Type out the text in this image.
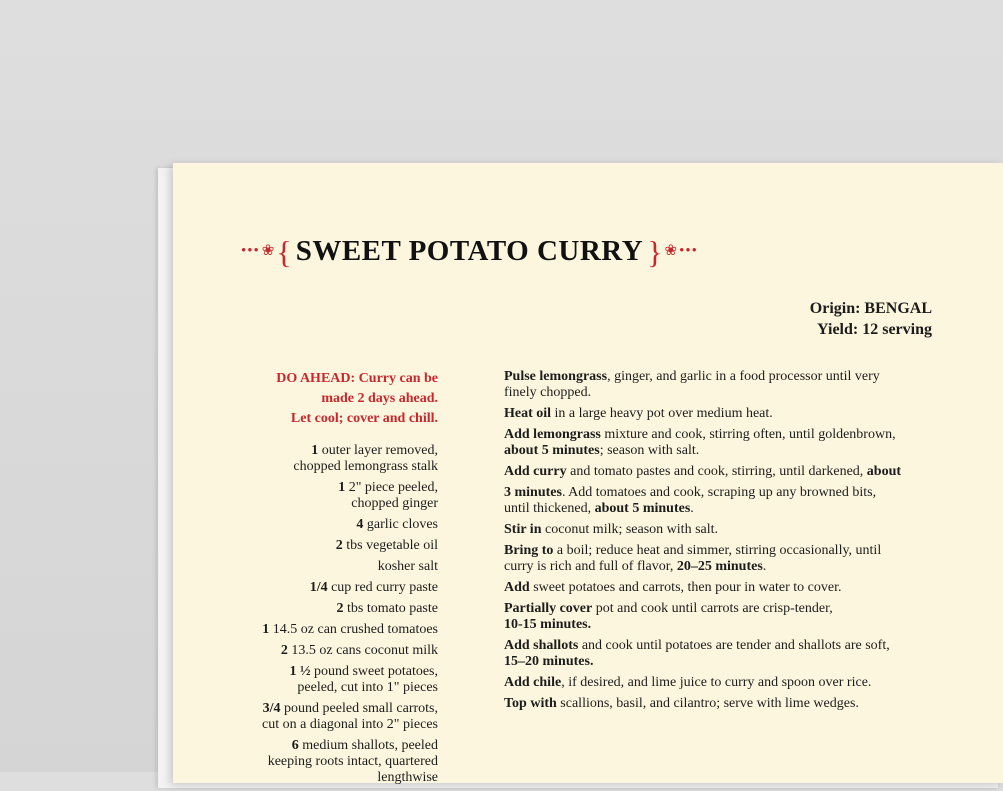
••• ❀ { SWEET POTATO CURRY } ❀ •••
Origin: BENGAL
Yield: 12 serving
DO AHEAD: Curry can be
made 2 days ahead.
Let cool; cover and chill.
1 outer layer removed,
chopped lemongrass stalk
1 2" piece peeled,
chopped ginger
4 garlic cloves
2 tbs vegetable oil
kosher salt
1/4 cup red curry paste
2 tbs tomato paste
1 14.5 oz can crushed tomatoes
2 13.5 oz cans coconut milk
1 ½ pound sweet potatoes,
peeled, cut into 1" pieces
3/4 pound peeled small carrots,
cut on a diagonal into 2" pieces
6 medium shallots, peeled
keeping roots intact, quartered
lengthwise
Pulse lemongrass, ginger, and garlic in a food processor until very
finely chopped.
Heat oil in a large heavy pot over medium heat.
Add lemongrass mixture and cook, stirring often, until goldenbrown,
about 5 minutes; season with salt.
Add curry and tomato pastes and cook, stirring, until darkened, about
3 minutes. Add tomatoes and cook, scraping up any browned bits,
until thickened, about 5 minutes.
Stir in coconut milk; season with salt.
Bring to a boil; reduce heat and simmer, stirring occasionally, until
curry is rich and full of flavor, 20–25 minutes.
Add sweet potatoes and carrots, then pour in water to cover.
Partially cover pot and cook until carrots are crisp-tender,
10-15 minutes.
Add shallots and cook until potatoes are tender and shallots are soft,
15–20 minutes.
Add chile, if desired, and lime juice to curry and spoon over rice.
Top with scallions, basil, and cilantro; serve with lime wedges.
